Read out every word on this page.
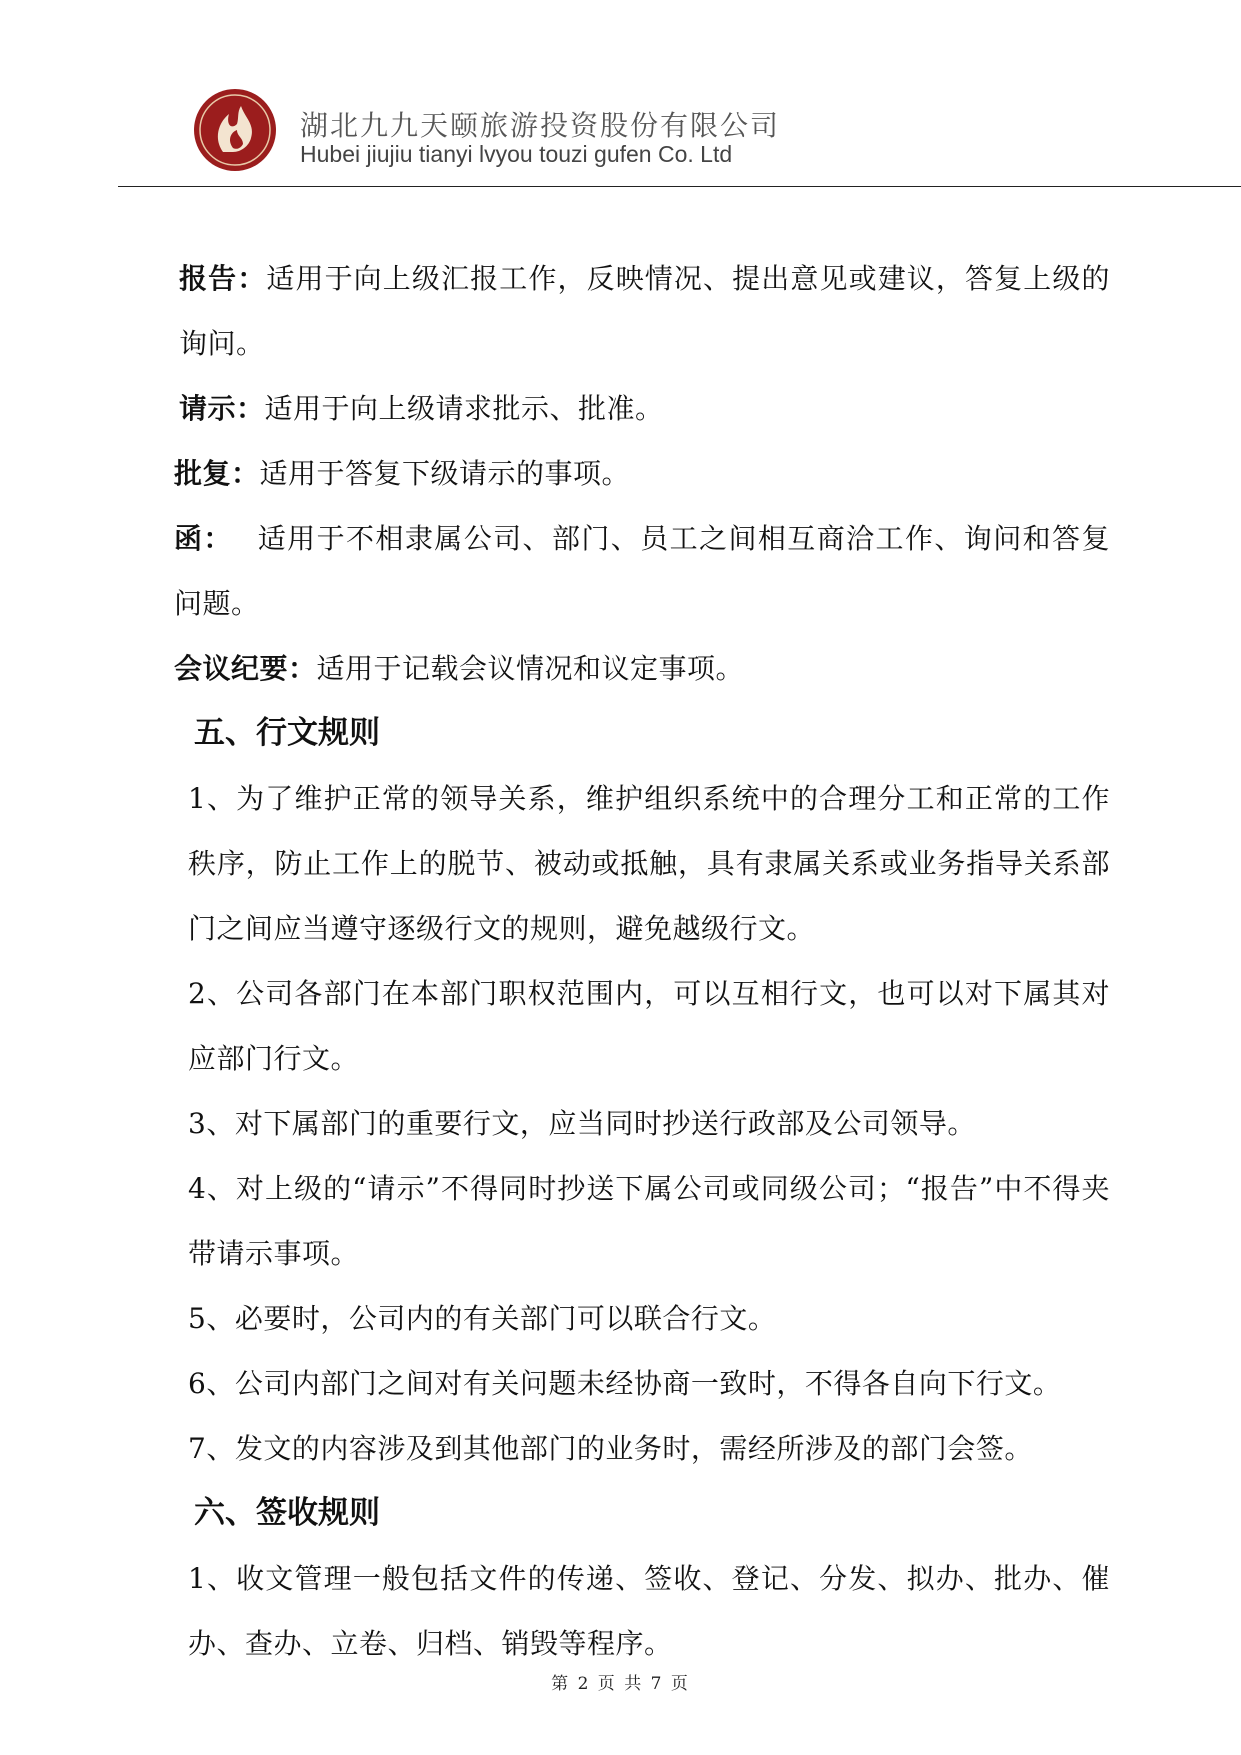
湖北九九天颐旅游投资股份有限公司
Hubei jiujiu tianyi lvyou touzi gufen Co. Ltd

报告：适用于向上级汇报工作，反映情况、提出意见或建议，答复上级的询问。

请示：适用于向上级请求批示、批准。

批复：适用于答复下级请示的事项。

函： 适用于不相隶属公司、部门、员工之间相互商洽工作、询问和答复问题。

会议纪要：适用于记载会议情况和议定事项。

五、行文规则

1、为了维护正常的领导关系，维护组织系统中的合理分工和正常的工作秩序，防止工作上的脱节、被动或抵触，具有隶属关系或业务指导关系部门之间应当遵守逐级行文的规则，避免越级行文。

2、公司各部门在本部门职权范围内，可以互相行文，也可以对下属其对应部门行文。

3、对下属部门的重要行文，应当同时抄送行政部及公司领导。

4、对上级的“请示”不得同时抄送下属公司或同级公司；“报告”中不得夹带请示事项。

5、必要时，公司内的有关部门可以联合行文。

6、公司内部门之间对有关问题未经协商一致时，不得各自向下行文。

7、发文的内容涉及到其他部门的业务时，需经所涉及的部门会签。

六、签收规则

1、收文管理一般包括文件的传递、签收、登记、分发、拟办、批办、催办、查办、立卷、归档、销毁等程序。

第 2 页 共 7 页
